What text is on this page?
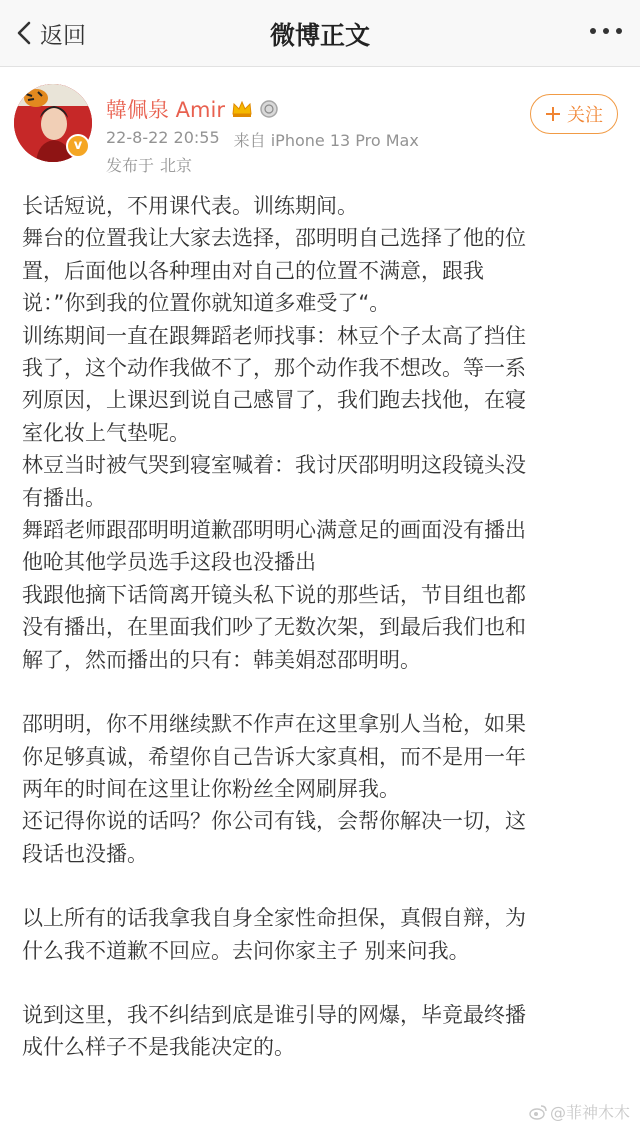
返回	微博正文
v
韓佩泉 Amir
22-8-22 20:55 来自 iPhone 13 Pro Max
发布于 北京
关注

长话短说，不用课代表。训练期间。

舞台的位置我让大家去选择，邵明明自己选择了他的位

置，后面他以各种理由对自己的位置不满意，跟我

说：”你到我的位置你就知道多难受了“。

训练期间一直在跟舞蹈老师找事：林豆个子太高了挡住

我了，这个动作我做不了，那个动作我不想改。等一系

列原因，上课迟到说自己感冒了，我们跑去找他，在寝

室化妆上气垫呢。

林豆当时被气哭到寝室喊着：我讨厌邵明明这段镜头没

有播出。

舞蹈老师跟邵明明道歉邵明明心满意足的画面没有播出

他呛其他学员选手这段也没播出

我跟他摘下话筒离开镜头私下说的那些话，节目组也都

没有播出，在里面我们吵了无数次架，到最后我们也和

解了，然而播出的只有：韩美娟怼邵明明。

邵明明，你不用继续默不作声在这里拿别人当枪，如果

你足够真诚，希望你自己告诉大家真相，而不是用一年

两年的时间在这里让你粉丝全网刷屏我。

还记得你说的话吗？你公司有钱，会帮你解决一切，这

段话也没播。

以上所有的话我拿我自身全家性命担保，真假自辩，为

什么我不道歉不回应。去问你家主子 别来问我。

说到这里，我不纠结到底是谁引导的网爆，毕竟最终播

成什么样子不是我能决定的。

@菲神木木
